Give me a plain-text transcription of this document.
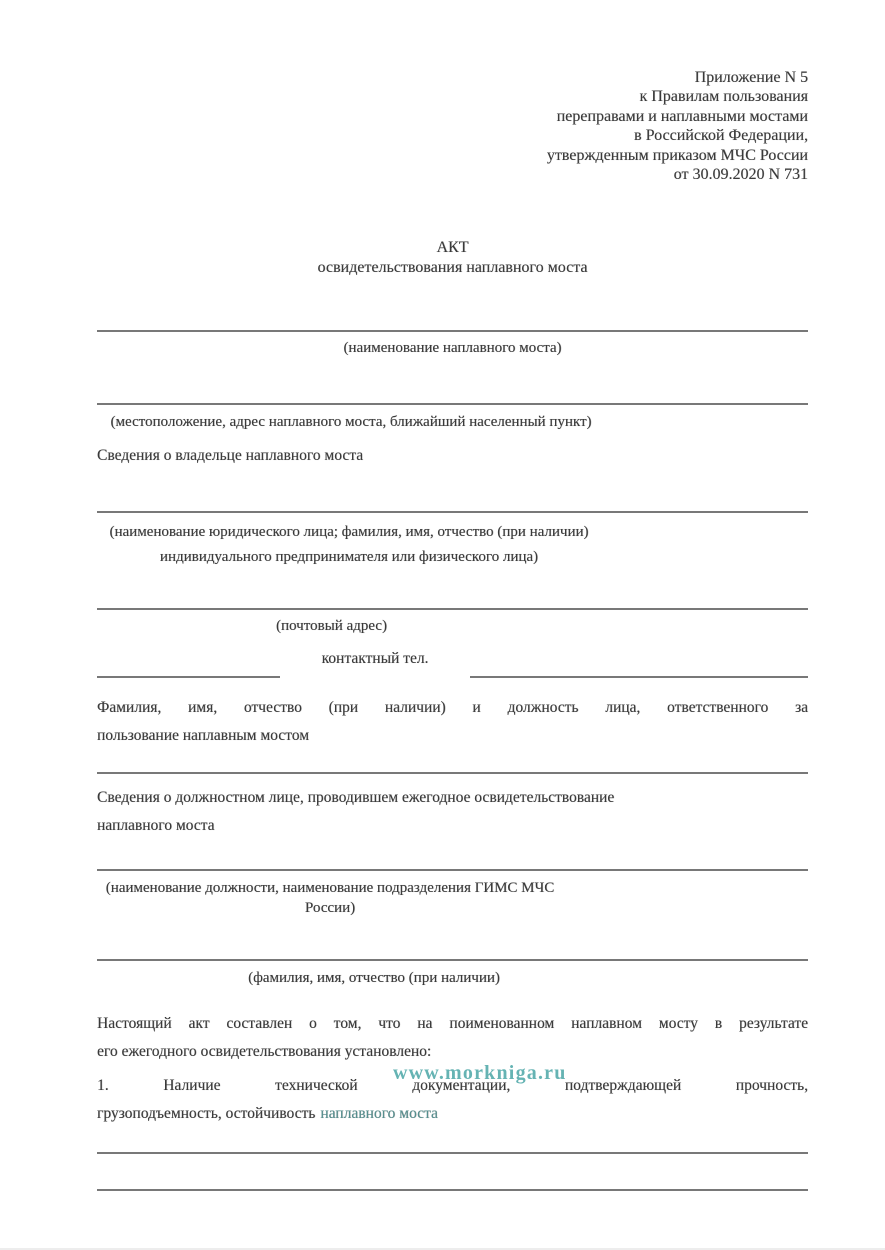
Приложение N 5
к Правилам пользования
переправами и наплавными мостами
в Российской Федерации,
утвержденным приказом МЧС России
от 30.09.2020 N 731
АКТ
освидетельствования наплавного моста
(наименование наплавного моста)
(местоположение, адрес наплавного моста, ближайший населенный пункт)
Сведения о владельце наплавного моста
(наименование юридического лица; фамилия, имя, отчество (при наличии)
индивидуального предпринимателя или физического лица)
(почтовый адрес)
контактный тел.
Фамилия, имя, отчество (при наличии) и должность лица, ответственного за
пользование наплавным мостом
Сведения о должностном лице, проводившем ежегодное освидетельствование
наплавного моста
(наименование должности, наименование подразделения ГИМС МЧС России)
(фамилия, имя, отчество (при наличии)
Настоящий акт составлен о том, что на поименованном наплавном мосту в результате
его ежегодного освидетельствования установлено:
1. Наличие технической документации, подтверждающей прочность,
грузоподъемность, остойчивость наплавного моста
www.morkniga.ru
